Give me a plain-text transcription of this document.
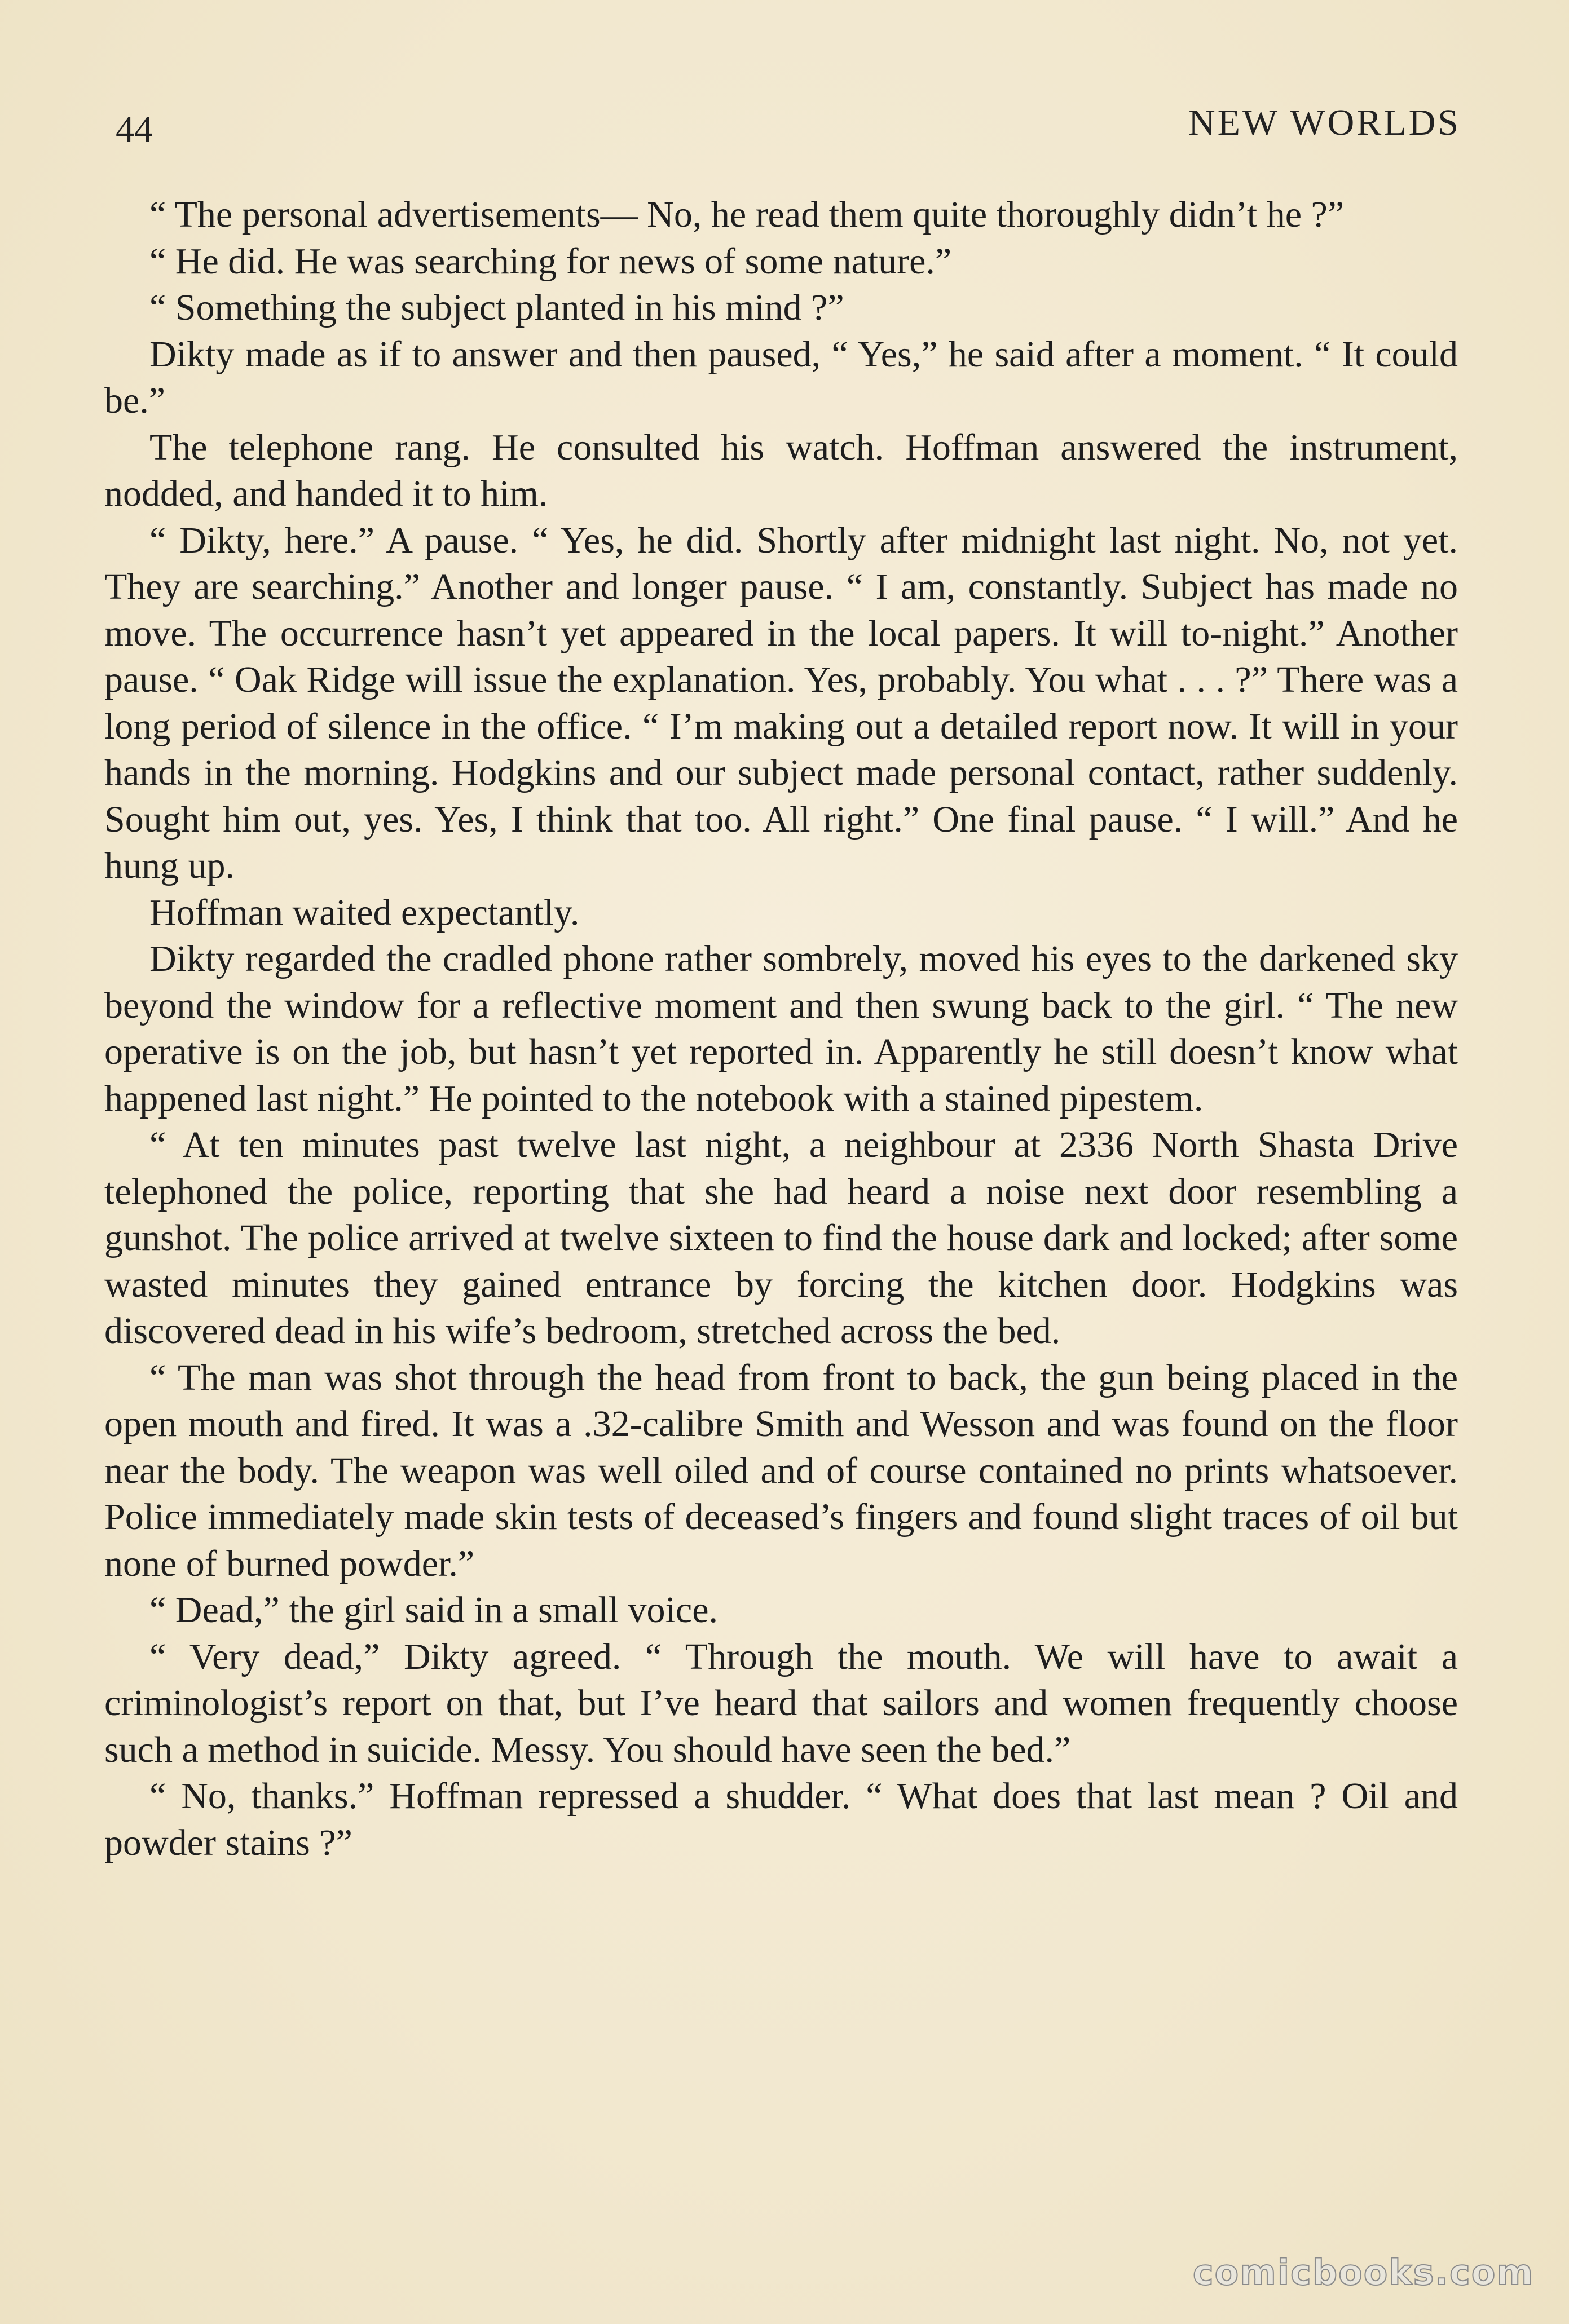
44	NEW WORLDS

“ The personal advertisements— No, he read them quite thoroughly didn’t he ?”

“ He did. He was searching for news of some nature.”

“ Something the subject planted in his mind ?”

Dikty made as if to answer and then paused, “ Yes,” he said after a moment. “ It could be.”

The telephone rang. He consulted his watch. Hoffman answered the instrument, nodded, and handed it to him.

“ Dikty, here.” A pause. “ Yes, he did. Shortly after midnight last night. No, not yet. They are searching.” Another and longer pause. “ I am, constantly. Subject has made no move. The occurrence hasn’t yet appeared in the local papers. It will to-night.” Another pause. “ Oak Ridge will issue the explanation. Yes, probably. You what . . . ?” There was a long period of silence in the office. “ I’m making out a detailed report now. It will in your hands in the morning. Hodgkins and our subject made personal contact, rather suddenly. Sought him out, yes. Yes, I think that too. All right.” One final pause. “ I will.” And he hung up.

Hoffman waited expectantly.

Dikty regarded the cradled phone rather sombrely, moved his eyes to the darkened sky beyond the window for a reflective moment and then swung back to the girl. “ The new operative is on the job, but hasn’t yet reported in. Apparently he still doesn’t know what happened last night.” He pointed to the notebook with a stained pipestem.

“ At ten minutes past twelve last night, a neighbour at 2336 North Shasta Drive telephoned the police, reporting that she had heard a noise next door resembling a gunshot. The police arrived at twelve sixteen to find the house dark and locked; after some wasted minutes they gained entrance by forcing the kitchen door. Hodgkins was discovered dead in his wife’s bedroom, stretched across the bed.

“ The man was shot through the head from front to back, the gun being placed in the open mouth and fired. It was a .32-calibre Smith and Wesson and was found on the floor near the body. The weapon was well oiled and of course contained no prints whatsoever. Police immediately made skin tests of deceased’s fingers and found slight traces of oil but none of burned powder.”

“ Dead,” the girl said in a small voice.

“ Very dead,” Dikty agreed. “ Through the mouth. We will have to await a criminologist’s report on that, but I’ve heard that sailors and women frequently choose such a method in suicide. Messy. You should have seen the bed.”

“ No, thanks.” Hoffman repressed a shudder. “ What does that last mean ? Oil and powder stains ?”

comicbooks.com
